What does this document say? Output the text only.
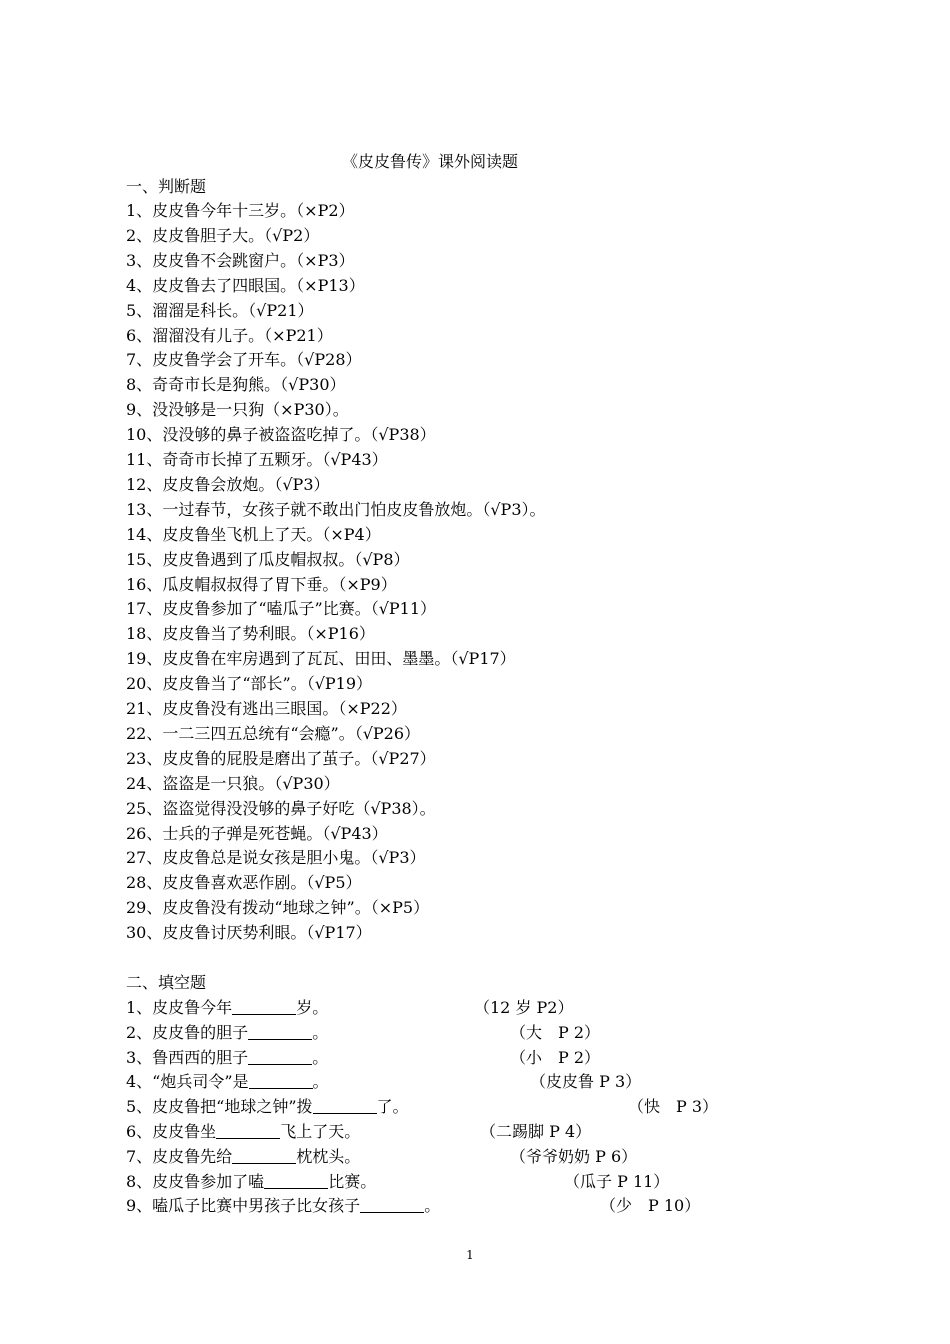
《皮皮鲁传》课外阅读题
一、判断题
1、皮皮鲁今年十三岁。（×P2）
2、皮皮鲁胆子大。（√P2）
3、皮皮鲁不会跳窗户。（×P3）
4、皮皮鲁去了四眼国。（×P13）
5、溜溜是科长。（√P21）
6、溜溜没有儿子。（×P21）
7、皮皮鲁学会了开车。（√P28）
8、奇奇市长是狗熊。（√P30）
9、没没够是一只狗（×P30）。
10、没没够的鼻子被盗盗吃掉了。（√P38）
11、奇奇市长掉了五颗牙。（√P43）
12、皮皮鲁会放炮。（√P3）
13、一过春节，女孩子就不敢出门怕皮皮鲁放炮。（√P3）。
14、皮皮鲁坐飞机上了天。（×P4）
15、皮皮鲁遇到了瓜皮帽叔叔。（√P8）
16、瓜皮帽叔叔得了胃下垂。（×P9）
17、皮皮鲁参加了“嗑瓜子”比赛。（√P11）
18、皮皮鲁当了势利眼。（×P16）
19、皮皮鲁在牢房遇到了瓦瓦、田田、墨墨。（√P17）
20、皮皮鲁当了“部长”。（√P19）
21、皮皮鲁没有逃出三眼国。（×P22）
22、一二三四五总统有“会瘾”。（√P26）
23、皮皮鲁的屁股是磨出了茧子。（√P27）
24、盗盗是一只狼。（√P30）
25、盗盗觉得没没够的鼻子好吃（√P38）。
26、士兵的子弹是死苍蝇。（√P43）
27、皮皮鲁总是说女孩是胆小鬼。（√P3）
28、皮皮鲁喜欢恶作剧。（√P5）
29、皮皮鲁没有拨动“地球之钟”。（×P5）
30、皮皮鲁讨厌势利眼。（√P17）
二、填空题
1、皮皮鲁今年	岁。	（12 岁 P2）
2、皮皮鲁的胆子	。	（大　P 2）
3、鲁西西的胆子	。	（小　P 2）
4、“炮兵司令”是	。	（皮皮鲁 P 3）
5、皮皮鲁把“地球之钟”拨	了。	（快　P 3）
6、皮皮鲁坐	飞上了天。	（二踢脚 P 4）
7、皮皮鲁先给	枕枕头。	（爷爷奶奶 P 6）
8、皮皮鲁参加了嗑	比赛。	（瓜子 P 11）
9、嗑瓜子比赛中男孩子比女孩子	。	（少　P 10）
1
